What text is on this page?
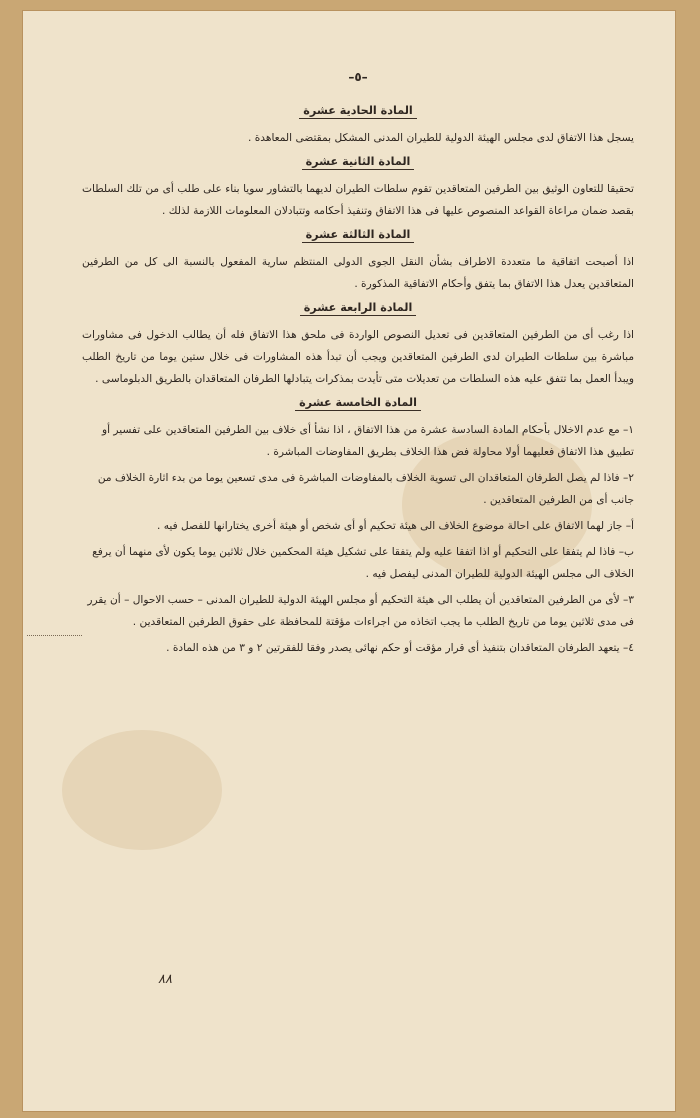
–٥–
المادة الحادية عشرة

يسجل هذا الاتفاق لدى مجلس الهيئة الدولية للطيران المدنى المشكل بمقتضى المعاهدة .

المادة الثانية عشرة

تحقيقا للتعاون الوثيق بين الطرفين المتعاقدين تقوم سلطات الطيران لديهما بالتشاور سويا بناء على طلب أى من تلك السلطات بقصد ضمان مراعاة القواعد المنصوص عليها فى هذا الاتفاق وتنفيذ أحكامه وتتبادلان المعلومات اللازمة لذلك .

المادة الثالثة عشرة

اذا أصبحت اتفاقية ما متعددة الاطراف بشأن النقل الجوى الدولى المنتظم سارية المفعول بالنسبة الى كل من الطرفين المتعاقدين يعدل هذا الاتفاق بما يتفق وأحكام الاتفاقية المذكورة .

المادة الرابعة عشرة

اذا رغب أى من الطرفين المتعاقدين فى تعديل النصوص الواردة فى ملحق هذا الاتفاق فله أن يطالب الدخول فى مشاورات مباشرة بين سلطات الطيران لدى الطرفين المتعاقدين ويجب أن تبدأ هذه المشاورات فى خلال ستين يوما من تاريخ الطلب ويبدأ العمل بما تتفق عليه هذه السلطات من تعديلات متى تأيدت بمذكرات يتبادلها الطرفان المتعاقدان بالطريق الدبلوماسى .

المادة الخامسة عشرة

١– مع عدم الاخلال بأحكام المادة السادسة عشرة من هذا الاتفاق ، اذا نشأ أى خلاف بين الطرفين المتعاقدين على تفسير أو تطبيق هذا الاتفاق فعليهما أولا محاولة فض هذا الخلاف بطريق المفاوضات المباشرة .

٢– فاذا لم يصل الطرفان المتعاقدان الى تسوية الخلاف بالمفاوضات المباشرة فى مدى تسعين يوما من بدء اثارة الخلاف من جانب أى من الطرفين المتعاقدين .

أ– جاز لهما الاتفاق على احالة موضوع الخلاف الى هيئة تحكيم أو أى شخص أو هيئة أخرى يختارانها للفصل فيه .

ب– فاذا لم يتفقا على التحكيم أو اذا اتفقا عليه ولم يتفقا على تشكيل هيئة المحكمين خلال ثلاثين يوما يكون لأى منهما أن يرفع الخلاف الى مجلس الهيئة الدولية للطيران المدنى ليفصل فيه .

٣– لأى من الطرفين المتعاقدين أن يطلب الى هيئة التحكيم أو مجلس الهيئة الدولية للطيران المدنى – حسب الاحوال – أن يقرر فى مدى ثلاثين يوما من تاريخ الطلب ما يجب اتخاذه من اجراءات مؤقتة للمحافظة على حقوق الطرفين المتعاقدين .

٤– يتعهد الطرفان المتعاقدان بتنفيذ أى قرار مؤقت أو حكم نهائى يصدر وفقا للفقرتين ٢ و ٣ من هذه المادة .

٨٨
